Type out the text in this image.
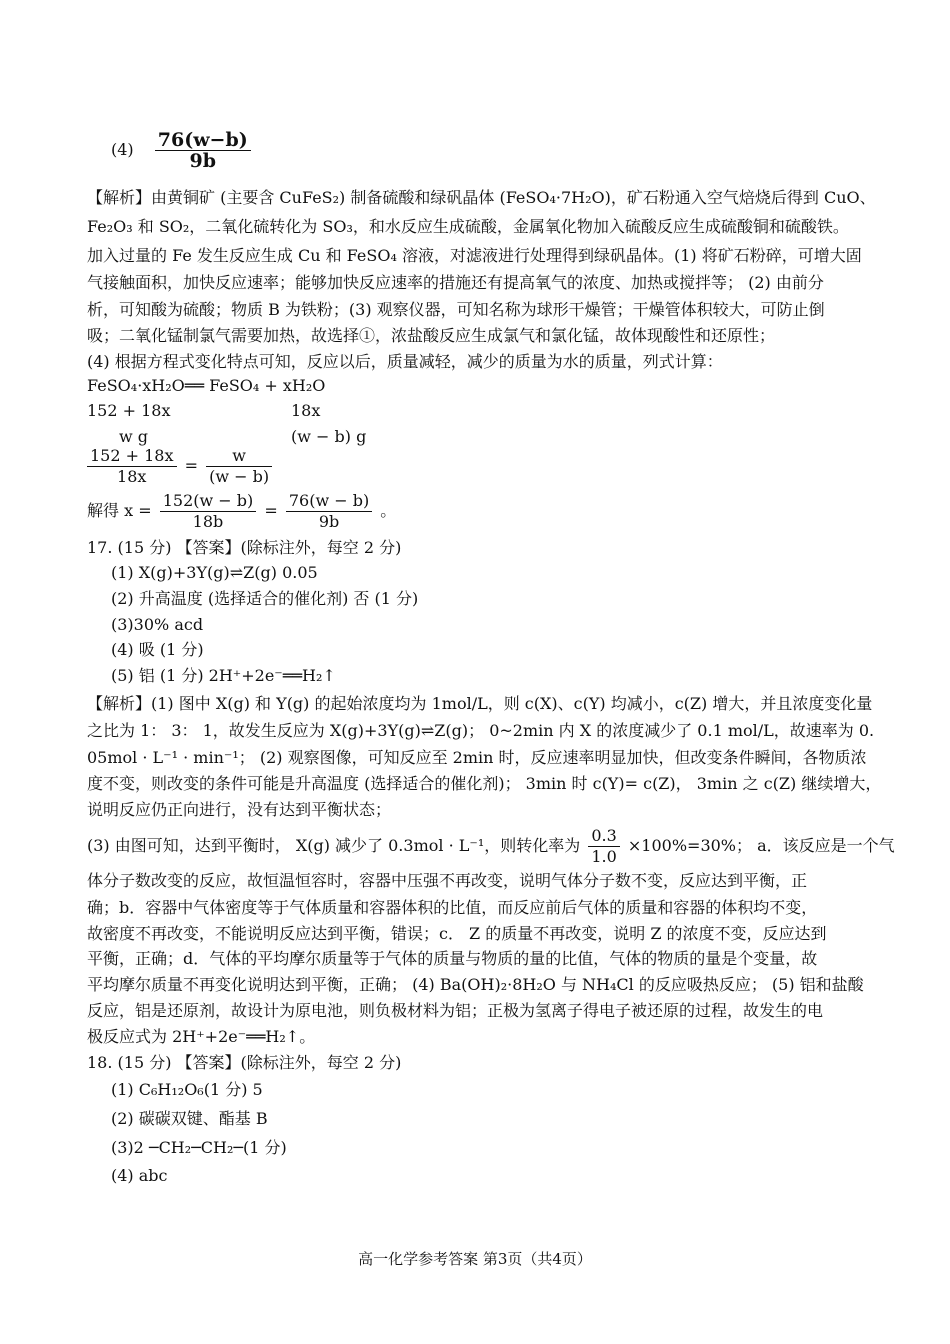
$(4) \frac{76(w-b)}{9b}$
【解析】由黄铜矿 (主要含 CuFeS₂) 制备硫酸和绿矾晶体 (FeSO₄·7H₂O)，矿石粉通入空气焙烧后得到 CuO、
Fe₂O₃ 和 SO₂，二氧化硫转化为 SO₃，和水反应生成硫酸，金属氧化物加入硫酸反应生成硫酸铜和硫酸铁。
加入过量的 Fe 发生反应生成 Cu 和 FeSO₄ 溶液，对滤液进行处理得到绿矾晶体。(1) 将矿石粉碎，可增大固
气接触面积，加快反应速率；能够加快反应速率的措施还有提高氧气的浓度、加热或搅拌等； (2) 由前分
析，可知酸为硫酸；物质 B 为铁粉；(3) 观察仪器，可知名称为球形干燥管；干燥管体积较大，可防止倒
吸；二氧化锰制氯气需要加热，故选择①，浓盐酸反应生成氯气和氯化锰，故体现酸性和还原性；
(4) 根据方程式变化特点可知，反应以后，质量减轻，减少的质量为水的质量，列式计算：
FeSO₄·xH₂O══ FeSO₄ + xH₂O
152 + 18x	18x
w g	(w − b) g
$\frac{152 + 18x}{18x} = \frac{w}{(w - b)}$
解得 $x = \frac{152(w - b)}{18b} = \frac{76(w - b)}{9b}$ 。
17. (15 分) 【答案】(除标注外，每空 2 分)
(1) X(g)+3Y(g)⇌Z(g) 0.05
(2) 升高温度 (选择适合的催化剂) 否 (1 分)
(3)30% acd
(4) 吸 (1 分)
(5) 铝 (1 分) 2H⁺+2e⁻══H₂↑
【解析】(1) 图中 X(g) 和 Y(g) 的起始浓度均为 1mol/L，则 c(X)、c(Y) 均减小，c(Z) 增大，并且浓度变化量
之比为 1： 3： 1，故发生反应为 X(g)+3Y(g)⇌Z(g)； 0~2min 内 X 的浓度减少了 0.1 mol/L，故速率为 0.
05mol · L⁻¹ · min⁻¹； (2) 观察图像，可知反应至 2min 时，反应速率明显加快，但改变条件瞬间，各物质浓
度不变，则改变的条件可能是升高温度 (选择适合的催化剂)； 3min 时 c(Y)= c(Z)， 3min 之 c(Z) 继续增大，
说明反应仍正向进行，没有达到平衡状态；
(3) 由图可知，达到平衡时， X(g) 减少了 0.3mol · L⁻¹，则转化率为 $\frac{0.3}{1.0} \times 100\%=30\%$； a．该反应是一个气
体分子数改变的反应，故恒温恒容时，容器中压强不再改变，说明气体分子数不变，反应达到平衡，正
确；b．容器中气体密度等于气体质量和容器体积的比值，而反应前后气体的质量和容器的体积均不变，
故密度不再改变，不能说明反应达到平衡，错误；c． Z 的质量不再改变，说明 Z 的浓度不变，反应达到
平衡，正确；d．气体的平均摩尔质量等于气体的质量与物质的量的比值，气体的物质的量是个变量，故
平均摩尔质量不再变化说明达到平衡，正确； (4) Ba(OH)₂·8H₂O 与 NH₄Cl 的反应吸热反应； (5) 铝和盐酸
反应，铝是还原剂，故设计为原电池，则负极材料为铝；正极为氢离子得电子被还原的过程，故发生的电
极反应式为 2H⁺+2e⁻══H₂↑。
18. (15 分) 【答案】(除标注外，每空 2 分)
(1) C₆H₁₂O₆(1 分) 5
(2) 碳碳双键、酯基 B
(3)2 ─CH₂─CH₂─(1 分)
(4) abc
高一化学参考答案 第3页（共4页）
